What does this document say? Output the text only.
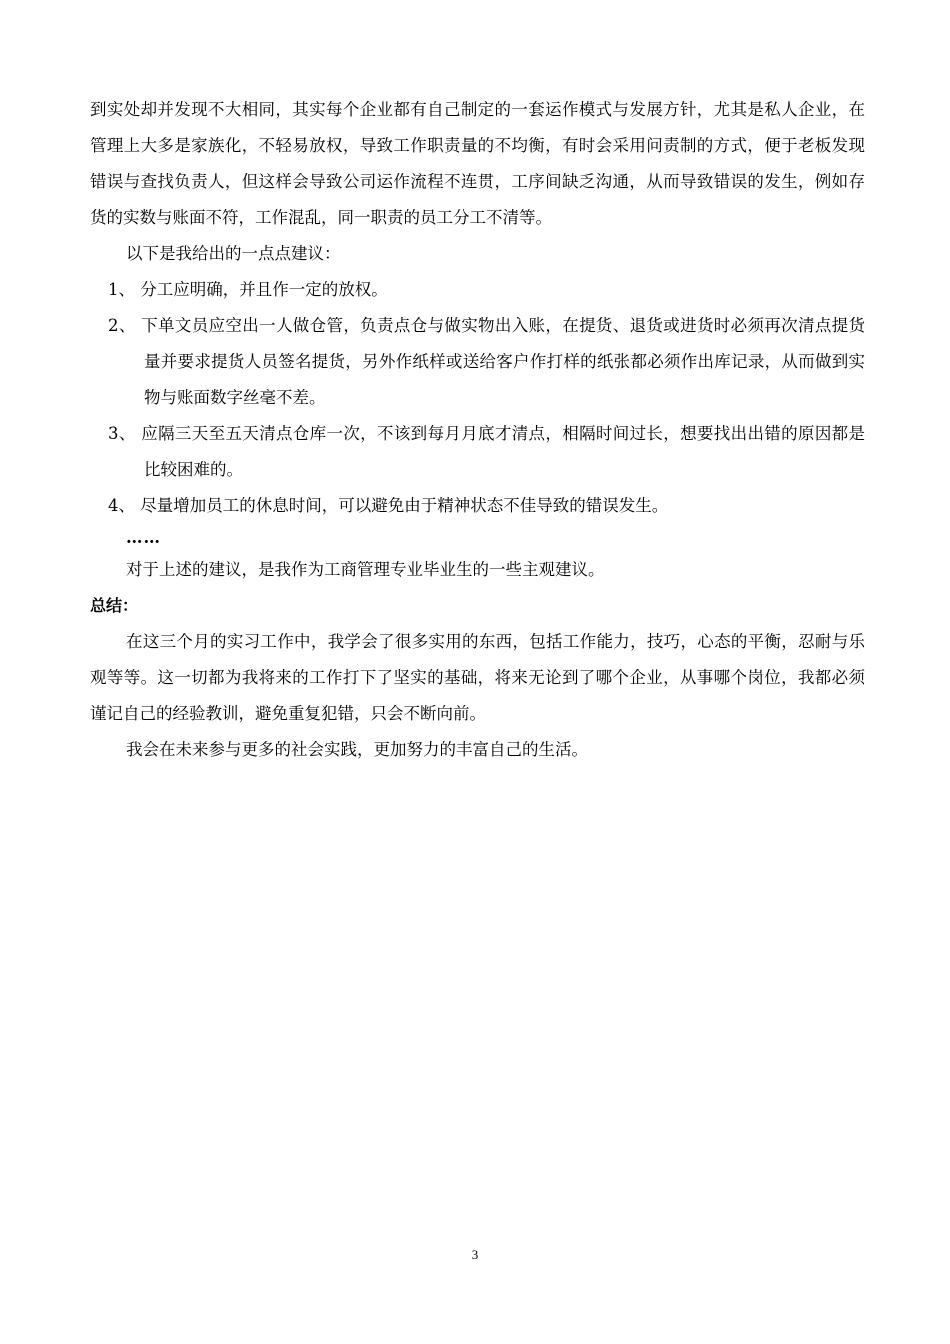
到实处却并发现不大相同，其实每个企业都有自己制定的一套运作模式与发展方针，尤其是私人企业，在管理上大多是家族化，不轻易放权，导致工作职责量的不均衡，有时会采用问责制的方式，便于老板发现错误与查找负责人，但这样会导致公司运作流程不连贯，工序间缺乏沟通，从而导致错误的发生，例如存货的实数与账面不符，工作混乱，同一职责的员工分工不清等。

以下是我给出的一点点建议：

1、 分工应明确，并且作一定的放权。

2、 下单文员应空出一人做仓管，负责点仓与做实物出入账，在提货、退货或进货时必须再次清点提货量并要求提货人员签名提货，另外作纸样或送给客户作打样的纸张都必须作出库记录，从而做到实物与账面数字丝毫不差。

3、 应隔三天至五天清点仓库一次，不该到每月月底才清点，相隔时间过长，想要找出出错的原因都是比较困难的。

4、 尽量增加员工的休息时间，可以避免由于精神状态不佳导致的错误发生。

……

对于上述的建议，是我作为工商管理专业毕业生的一些主观建议。

总结：

在这三个月的实习工作中，我学会了很多实用的东西，包括工作能力，技巧，心态的平衡，忍耐与乐观等等。这一切都为我将来的工作打下了坚实的基础，将来无论到了哪个企业，从事哪个岗位，我都必须谨记自己的经验教训，避免重复犯错，只会不断向前。

我会在未来参与更多的社会实践，更加努力的丰富自己的生活。

3
